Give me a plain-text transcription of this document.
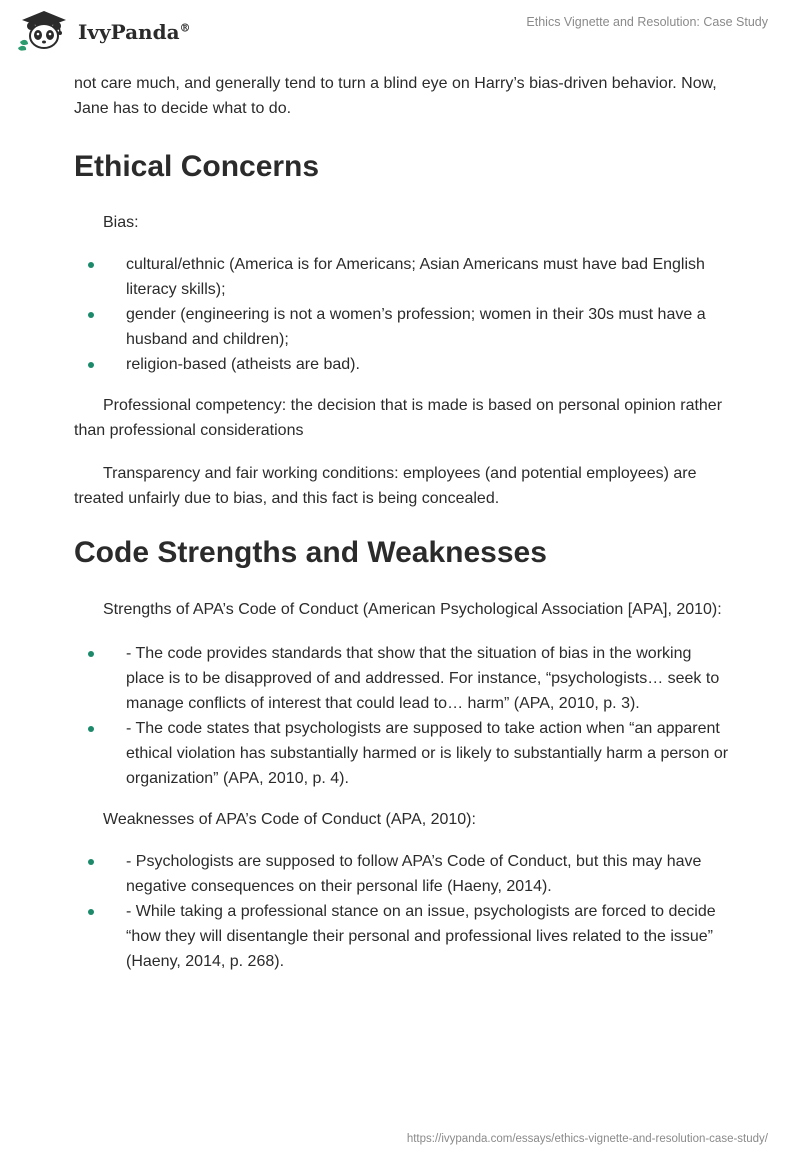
IvyPanda®	Ethics Vignette and Resolution: Case Study

not care much, and generally tend to turn a blind eye on Harry’s bias-driven behavior. Now, Jane has to decide what to do.

Ethical Concerns

Bias:

cultural/ethnic (America is for Americans; Asian Americans must have bad English literacy skills);
gender (engineering is not a women’s profession; women in their 30s must have a husband and children);
religion-based (atheists are bad).

Professional competency: the decision that is made is based on personal opinion rather than professional considerations

Transparency and fair working conditions: employees (and potential employees) are treated unfairly due to bias, and this fact is being concealed.

Code Strengths and Weaknesses

Strengths of APA’s Code of Conduct (American Psychological Association [APA], 2010):

- The code provides standards that show that the situation of bias in the working place is to be disapproved of and addressed. For instance, “psychologists… seek to manage conflicts of interest that could lead to… harm” (APA, 2010, p. 3).
- The code states that psychologists are supposed to take action when “an apparent ethical violation has substantially harmed or is likely to substantially harm a person or organization” (APA, 2010, p. 4).

Weaknesses of APA’s Code of Conduct (APA, 2010):

- Psychologists are supposed to follow APA’s Code of Conduct, but this may have negative consequences on their personal life (Haeny, 2014).
- While taking a professional stance on an issue, psychologists are forced to decide “how they will disentangle their personal and professional lives related to the issue” (Haeny, 2014, p. 268).
https://ivypanda.com/essays/ethics-vignette-and-resolution-case-study/
